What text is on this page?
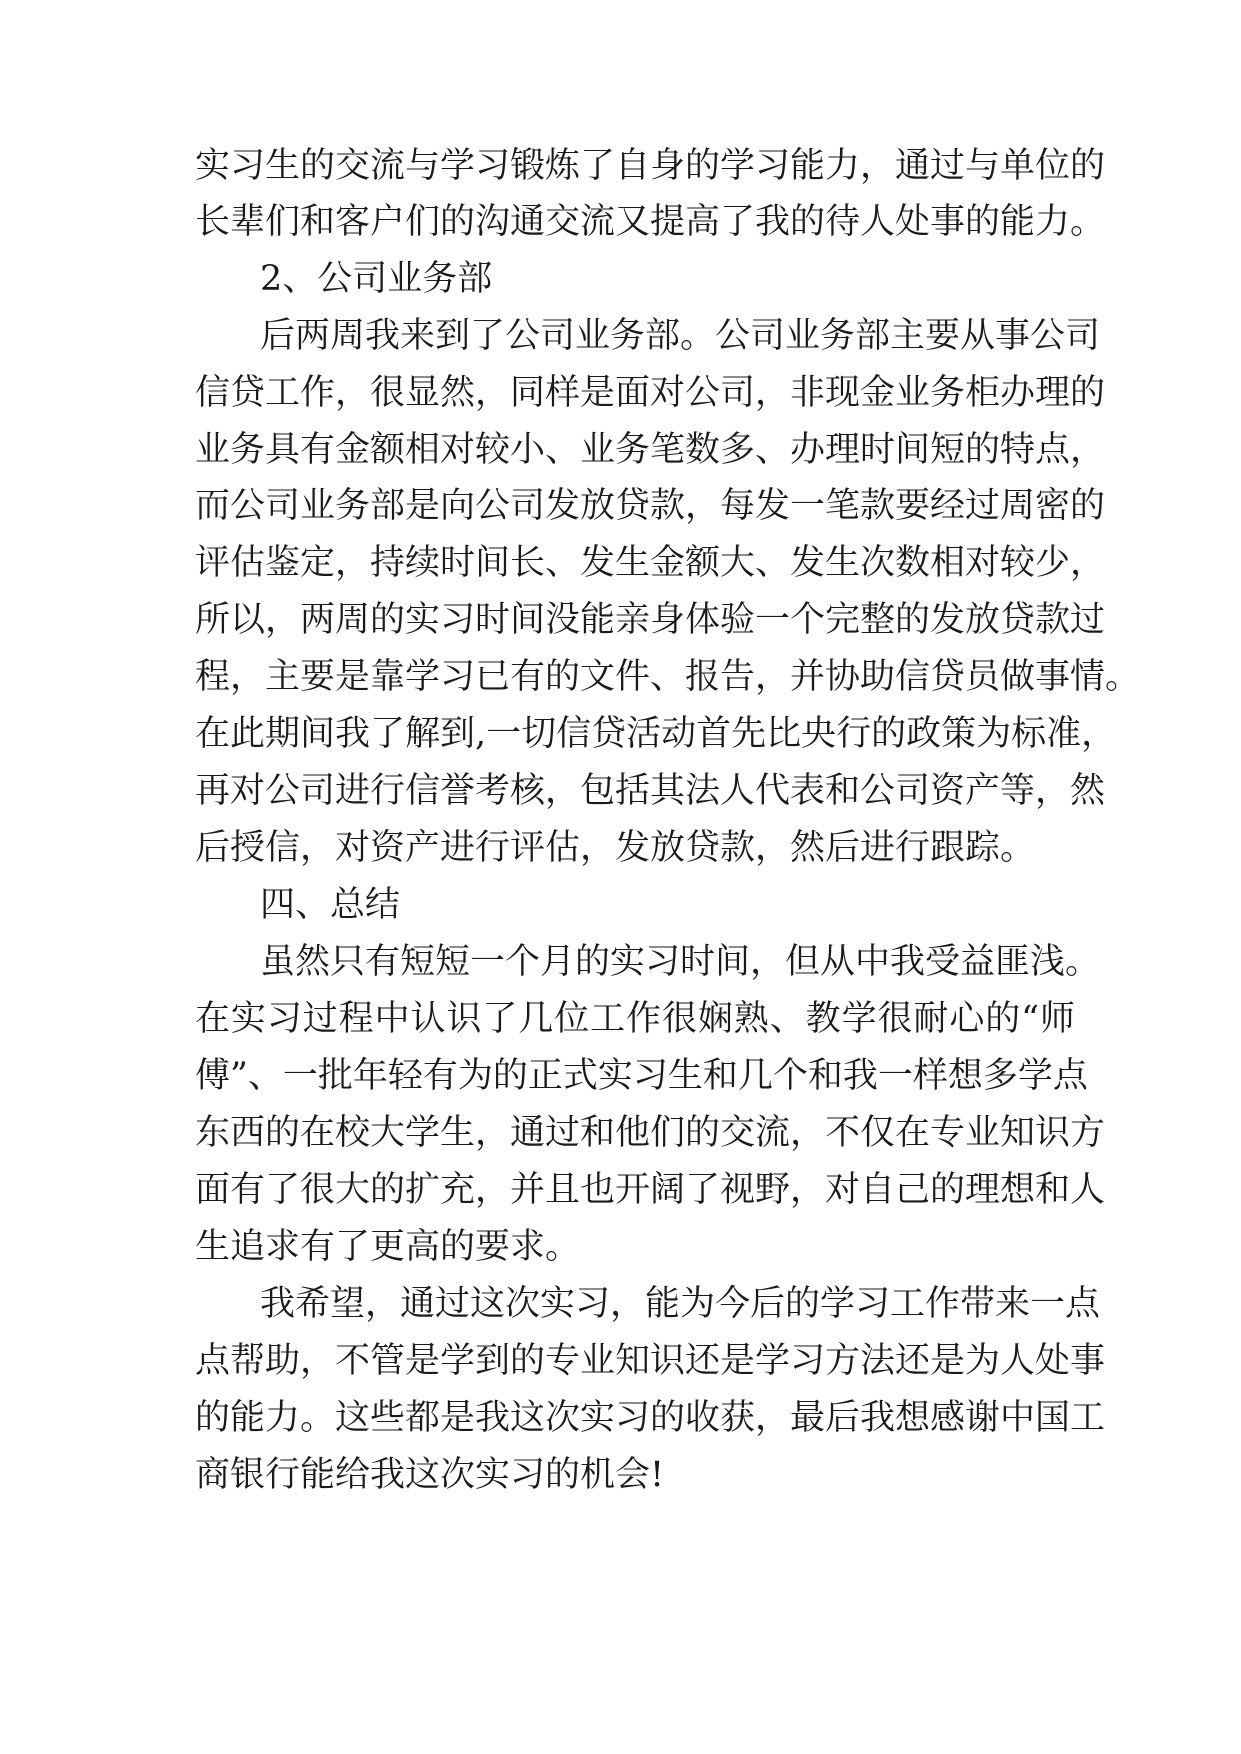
实习生的交流与学习锻炼了自身的学习能力，通过与单位的
长辈们和客户们的沟通交流又提高了我的待人处事的能力。
2、公司业务部
后两周我来到了公司业务部。公司业务部主要从事公司
信贷工作，很显然，同样是面对公司，非现金业务柜办理的
业务具有金额相对较小、业务笔数多、办理时间短的特点，
而公司业务部是向公司发放贷款，每发一笔款要经过周密的
评估鉴定，持续时间长、发生金额大、发生次数相对较少，
所以，两周的实习时间没能亲身体验一个完整的发放贷款过
程，主要是靠学习已有的文件、报告，并协助信贷员做事情。
在此期间我了解到,一切信贷活动首先比央行的政策为标准，
再对公司进行信誉考核，包括其法人代表和公司资产等，然
后授信，对资产进行评估，发放贷款，然后进行跟踪。
四、总结
虽然只有短短一个月的实习时间，但从中我受益匪浅。
在实习过程中认识了几位工作很娴熟、教学很耐心的“师
傅”、一批年轻有为的正式实习生和几个和我一样想多学点
东西的在校大学生，通过和他们的交流，不仅在专业知识方
面有了很大的扩充，并且也开阔了视野，对自己的理想和人
生追求有了更高的要求。
我希望，通过这次实习，能为今后的学习工作带来一点
点帮助，不管是学到的专业知识还是学习方法还是为人处事
的能力。这些都是我这次实习的收获，最后我想感谢中国工
商银行能给我这次实习的机会!
